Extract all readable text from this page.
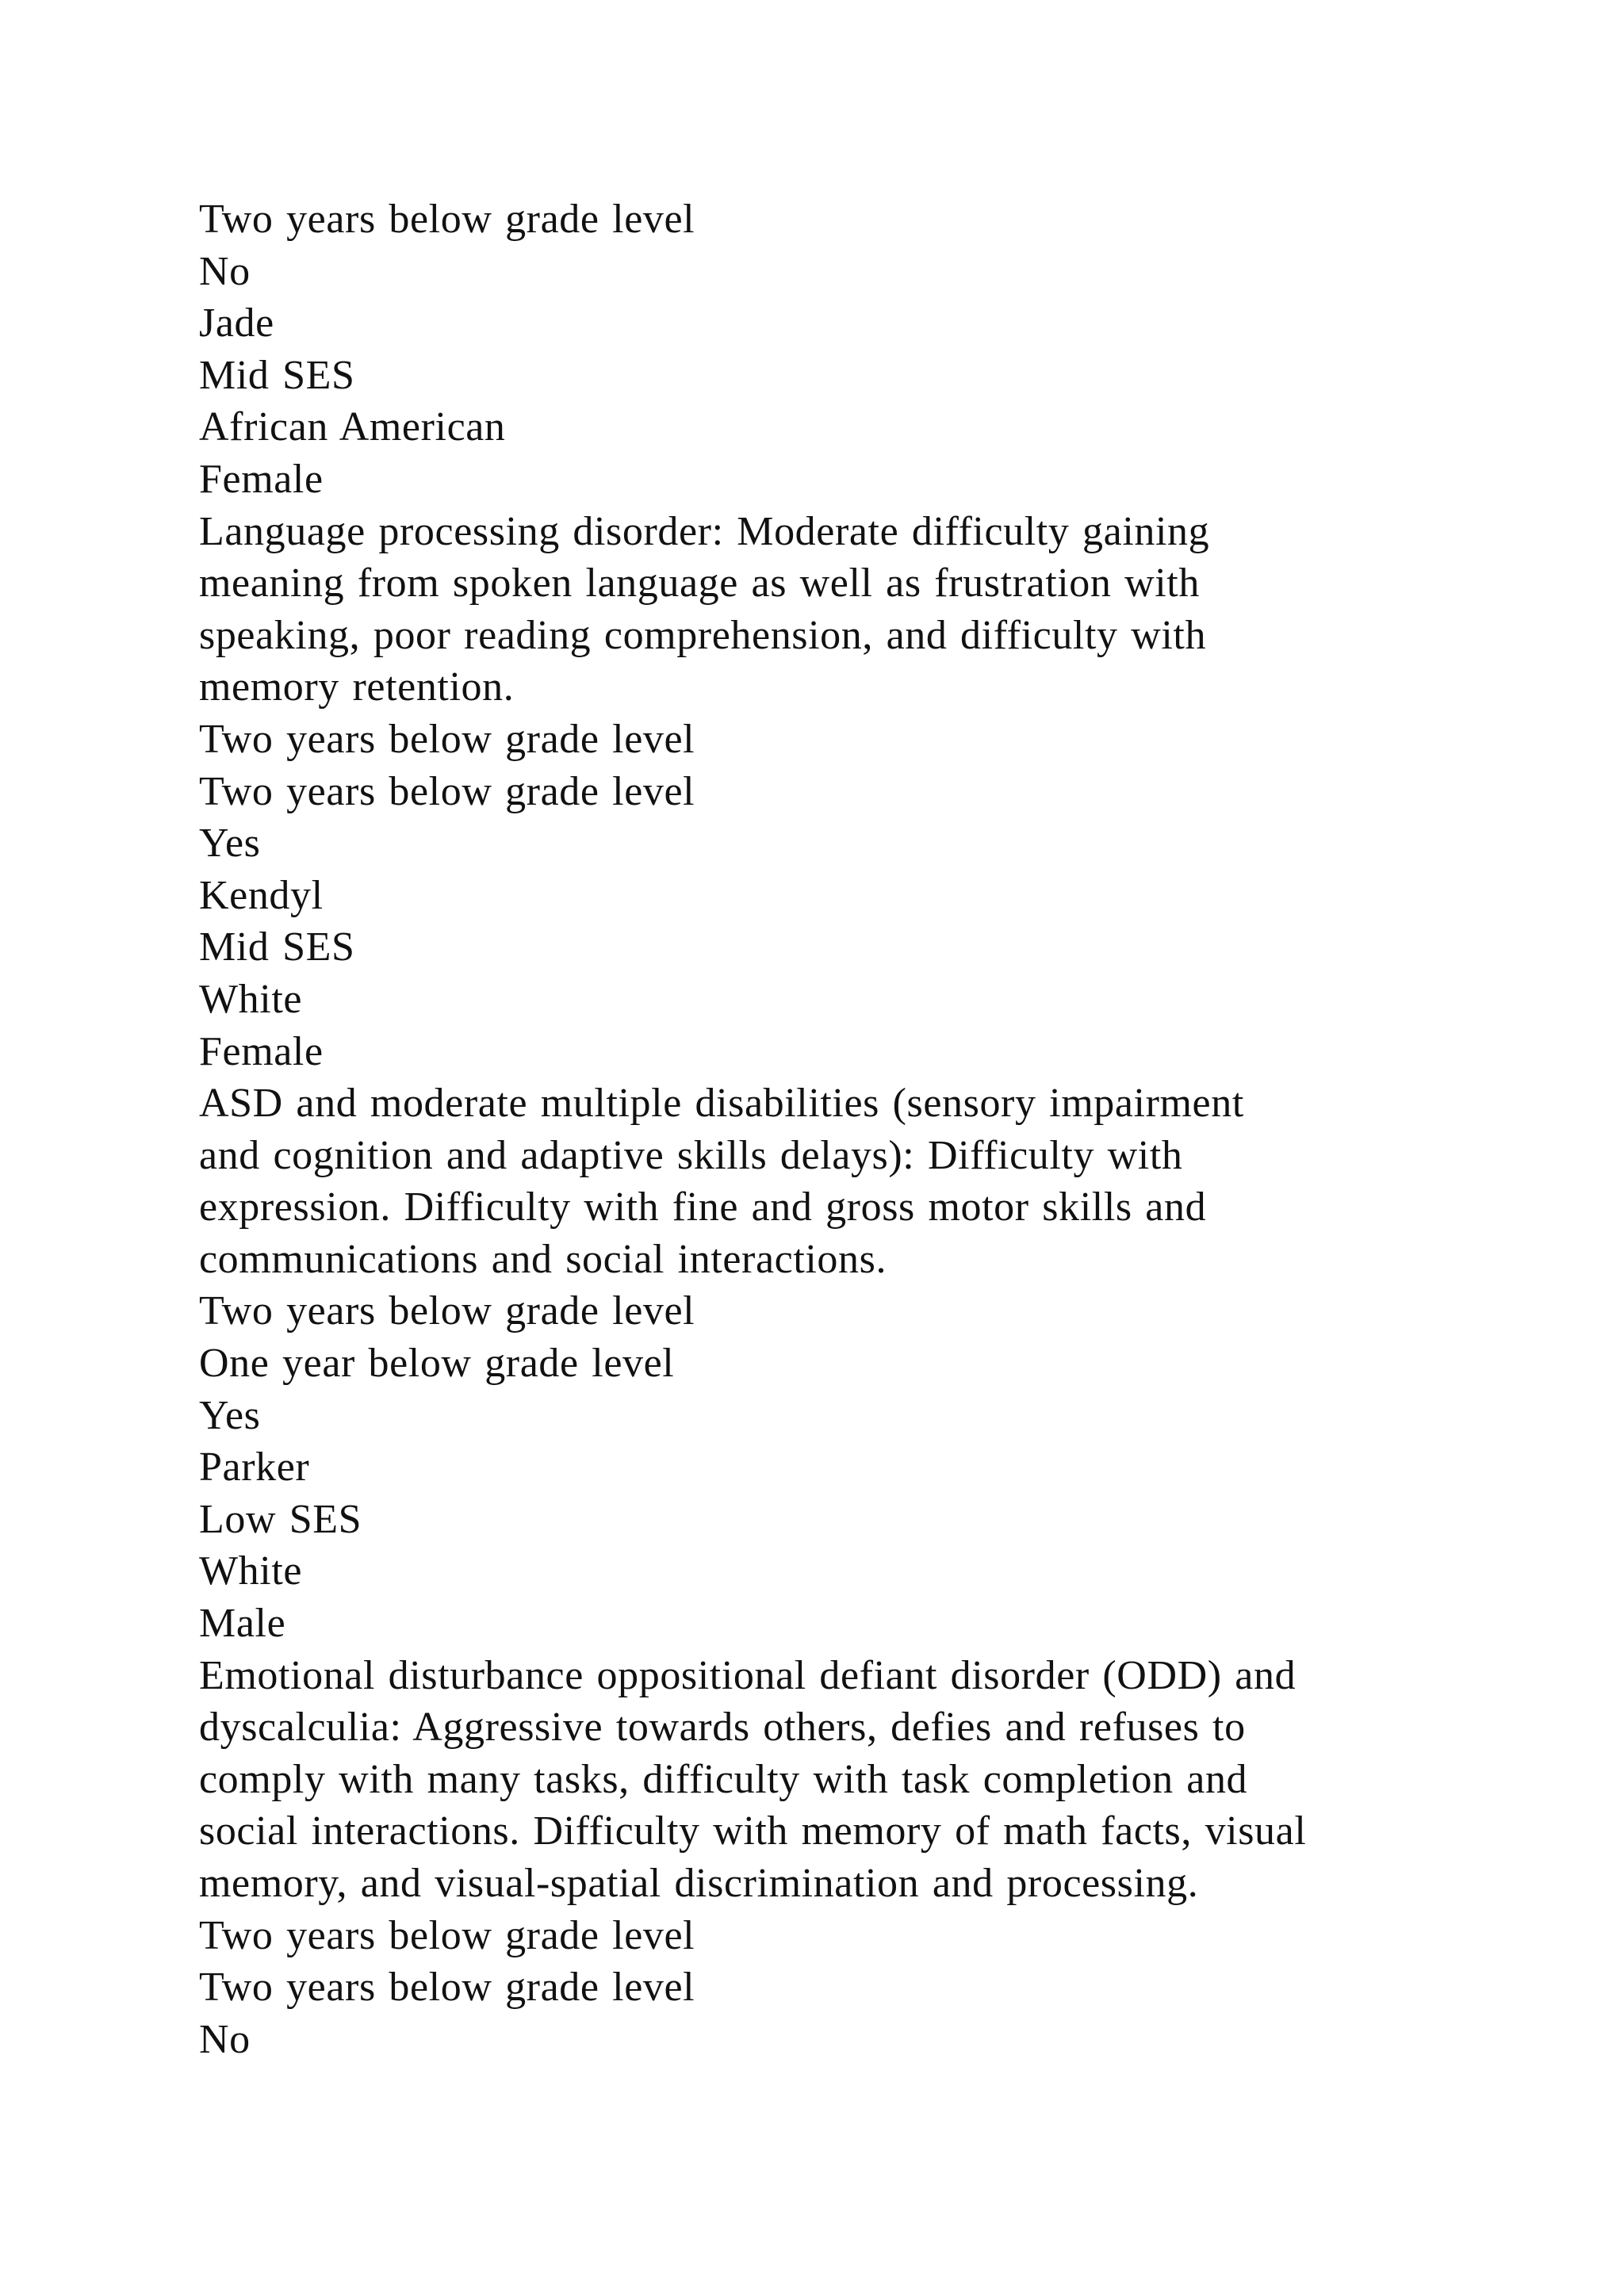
Two years below grade level
No
Jade
Mid SES
African American
Female
Language processing disorder: Moderate difficulty gaining
meaning from spoken language as well as frustration with
speaking, poor reading comprehension, and difficulty with
memory retention.
Two years below grade level
Two years below grade level
Yes
Kendyl
Mid SES
White
Female
ASD and moderate multiple disabilities (sensory impairment
and cognition and adaptive skills delays): Difficulty with
expression. Difficulty with fine and gross motor skills and
communications and social interactions.
Two years below grade level
One year below grade level
Yes
Parker
Low SES
White
Male
Emotional disturbance oppositional defiant disorder (ODD) and
dyscalculia: Aggressive towards others, defies and refuses to
comply with many tasks, difficulty with task completion and
social interactions. Difficulty with memory of math facts, visual
memory, and visual-spatial discrimination and processing.
Two years below grade level
Two years below grade level
No
